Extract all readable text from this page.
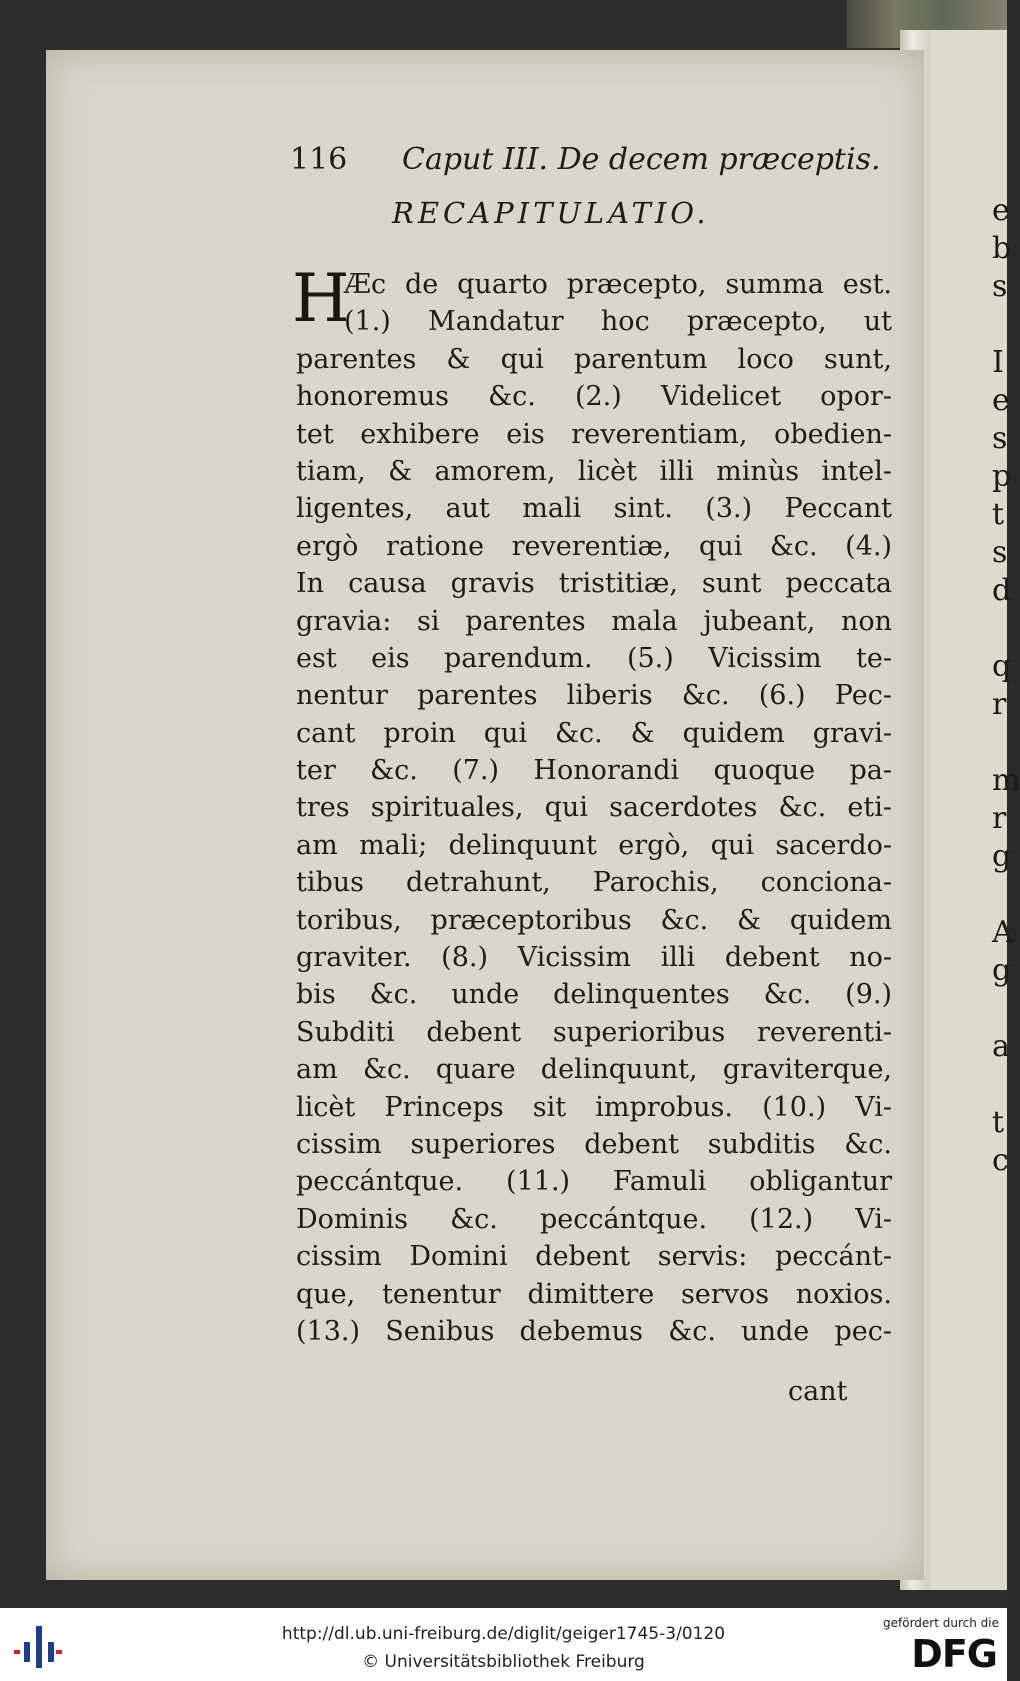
e
b
s
I
e
s
p
t
s
d
q
r
m
r
g
A
g
a
t
c
116 Caput III. De decem præceptis.
RECAPITULATIO.
H
Æc de quarto præcepto, summa est.
(1.) Mandatur hoc præcepto, ut
parentes & qui parentum loco sunt,
honoremus &c. (2.) Videlicet opor-
tet exhibere eis reverentiam, obedien-
tiam, & amorem, licèt illi minùs intel-
ligentes, aut mali sint. (3.) Peccant
ergò ratione reverentiæ, qui &c. (4.)
In causa gravis tristitiæ, sunt peccata
gravia: si parentes mala jubeant, non
est eis parendum. (5.) Vicissim te-
nentur parentes liberis &c. (6.) Pec-
cant proin qui &c. & quidem gravi-
ter &c. (7.) Honorandi quoque pa-
tres spirituales, qui sacerdotes &c. eti-
am mali; delinquunt ergò, qui sacerdo-
tibus detrahunt, Parochis, conciona-
toribus, præceptoribus &c. & quidem
graviter. (8.) Vicissim illi debent no-
bis &c. unde delinquentes &c. (9.)
Subditi debent superioribus reverenti-
am &c. quare delinquunt, graviterque,
licèt Princeps sit improbus. (10.) Vi-
cissim superiores debent subditis &c.
peccántque. (11.) Famuli obligantur
Dominis &c. peccántque. (12.) Vi-
cissim Domini debent servis: peccánt-
que, tenentur dimittere servos noxios.
(13.) Senibus debemus &c. unde pec-
cant
http://dl.ub.uni-freiburg.de/diglit/geiger1745-3/0120
© Universitätsbibliothek Freiburg
gefördert durch die
DFG
